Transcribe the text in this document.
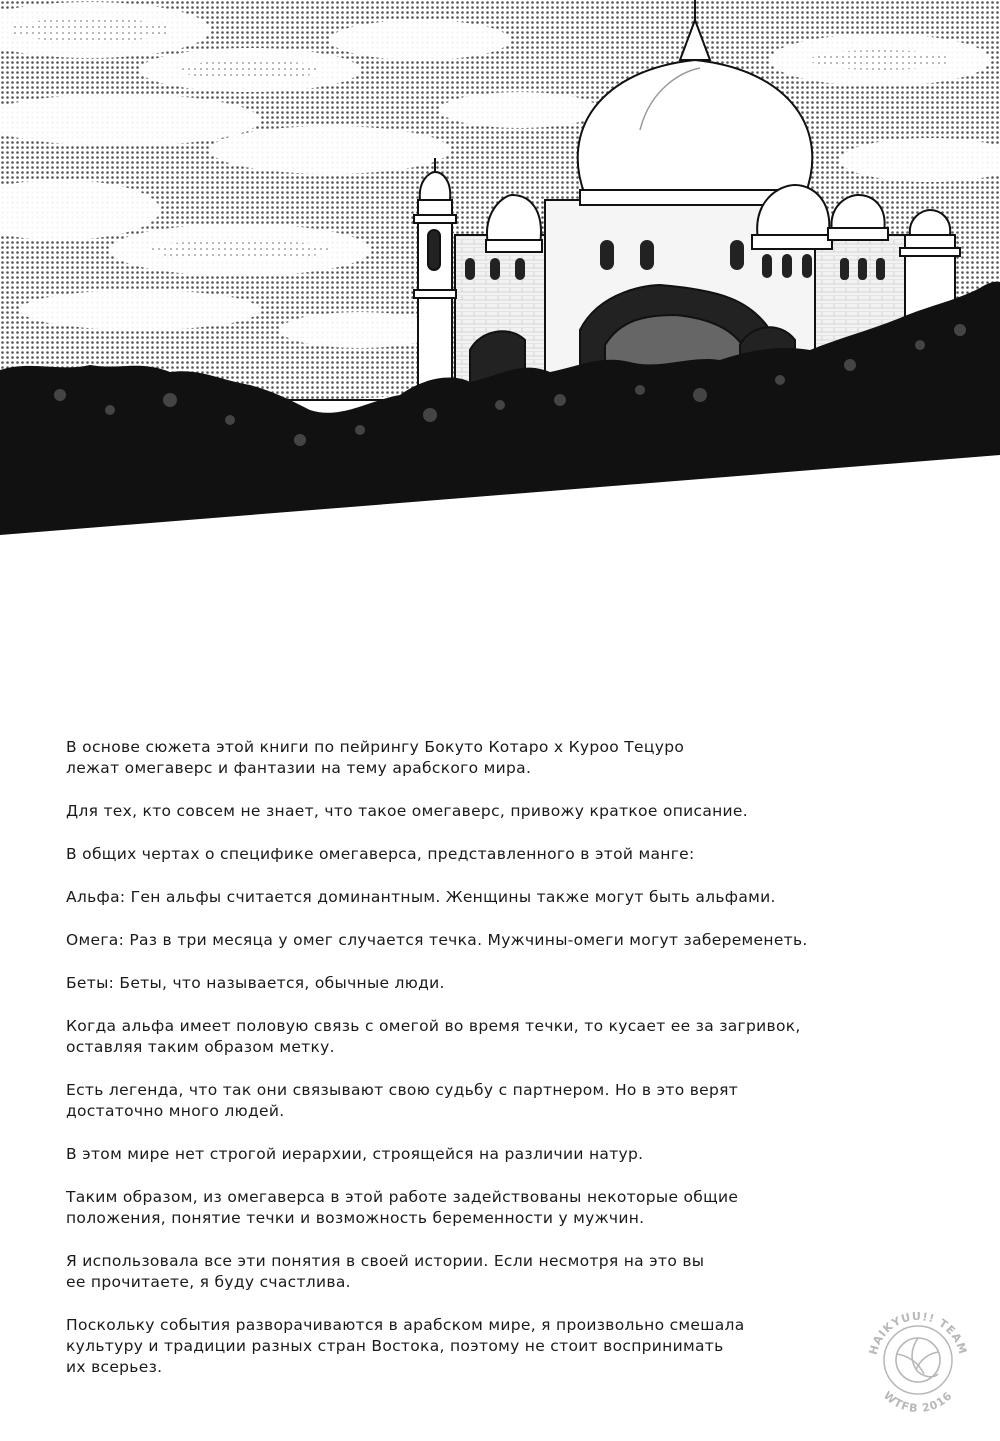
В основе сюжета этой книги по пейрингу Бокуто Котаро x Куроо Тецуро
лежат омегаверс и фантазии на тему арабского мира.

Для тех, кто совсем не знает, что такое омегаверс, привожу краткое описание.

В общих чертах о специфике омегаверса, представленного в этой манге:

Альфа: Ген альфы считается доминантным. Женщины также могут быть альфами.

Омега: Раз в три месяца у омег случается течка. Мужчины-омеги могут забеременеть.

Беты: Беты, что называется, обычные люди.

Когда альфа имеет половую связь с омегой во время течки, то кусает ее за загривок,
оставляя таким образом метку.

Есть легенда, что так они связывают свою судьбу с партнером. Но в это верят
достаточно много людей.

В этом мире нет строгой иерархии, строящейся на различии натур.

Таким образом, из омегаверса в этой работе задействованы некоторые общие
положения, понятие течки и возможность беременности у мужчин.

Я использовала все эти понятия в своей истории. Если несмотря на это вы
ее прочитаете, я буду счастлива.

Поскольку события разворачиваются в арабском мире, я произвольно смешала
культуру и традиции разных стран Востока, поэтому не стоит воспринимать
их всерьез.

HAIKYUU!! TEAM
WTFB 2016
